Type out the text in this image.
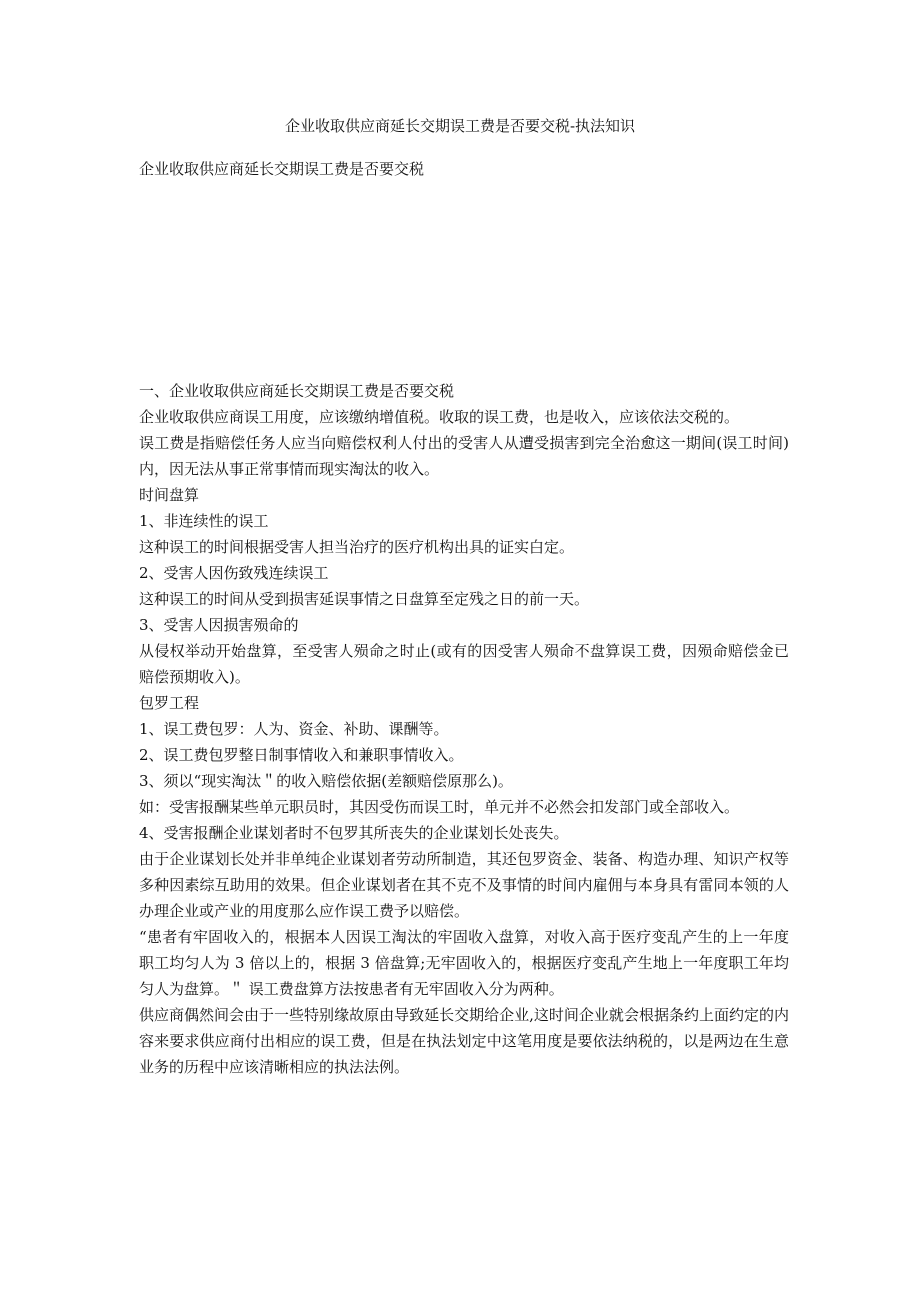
企业收取供应商延长交期误工费是否要交税-执法知识
企业收取供应商延长交期误工费是否要交税

一、企业收取供应商延长交期误工费是否要交税

企业收取供应商误工用度，应该缴纳增值税。收取的误工费，也是收入，应该依法交税的。

误工费是指赔偿任务人应当向赔偿权利人付出的受害人从遭受损害到完全治愈这一期间(误工时间)内，因无法从事正常事情而现实淘汰的收入。

时间盘算

1、非连续性的误工

这种误工的时间根据受害人担当治疗的医疗机构出具的证实白定。

2、受害人因伤致残连续误工

这种误工的时间从受到损害延误事情之日盘算至定残之日的前一天。

3、受害人因损害殒命的

从侵权举动开始盘算，至受害人殒命之时止(或有的因受害人殒命不盘算误工费，因殒命赔偿金已赔偿预期收入)。

包罗工程

1、误工费包罗：人为、资金、补助、课酬等。

2、误工费包罗整日制事情收入和兼职事情收入。

3、须以“现实淘汰＂的收入赔偿依据(差额赔偿原那么)。

如：受害报酬某些单元职员时，其因受伤而误工时，单元并不必然会扣发部门或全部收入。

4、受害报酬企业谋划者时不包罗其所丧失的企业谋划长处丧失。

由于企业谋划长处并非单纯企业谋划者劳动所制造，其还包罗资金、装备、构造办理、知识产权等多种因素综互助用的效果。但企业谋划者在其不克不及事情的时间内雇佣与本身具有雷同本领的人办理企业或产业的用度那么应作误工费予以赔偿。

“患者有牢固收入的，根据本人因误工淘汰的牢固收入盘算，对收入高于医疗变乱产生的上一年度职工均匀人为 3 倍以上的，根据 3 倍盘算;无牢固收入的，根据医疗变乱产生地上一年度职工年均匀人为盘算。＂ 误工费盘算方法按患者有无牢固收入分为两种。

供应商偶然间会由于一些特别缘故原由导致延长交期给企业,这时间企业就会根据条约上面约定的内容来要求供应商付出相应的误工费，但是在执法划定中这笔用度是要依法纳税的，以是两边在生意业务的历程中应该清晰相应的执法法例。
